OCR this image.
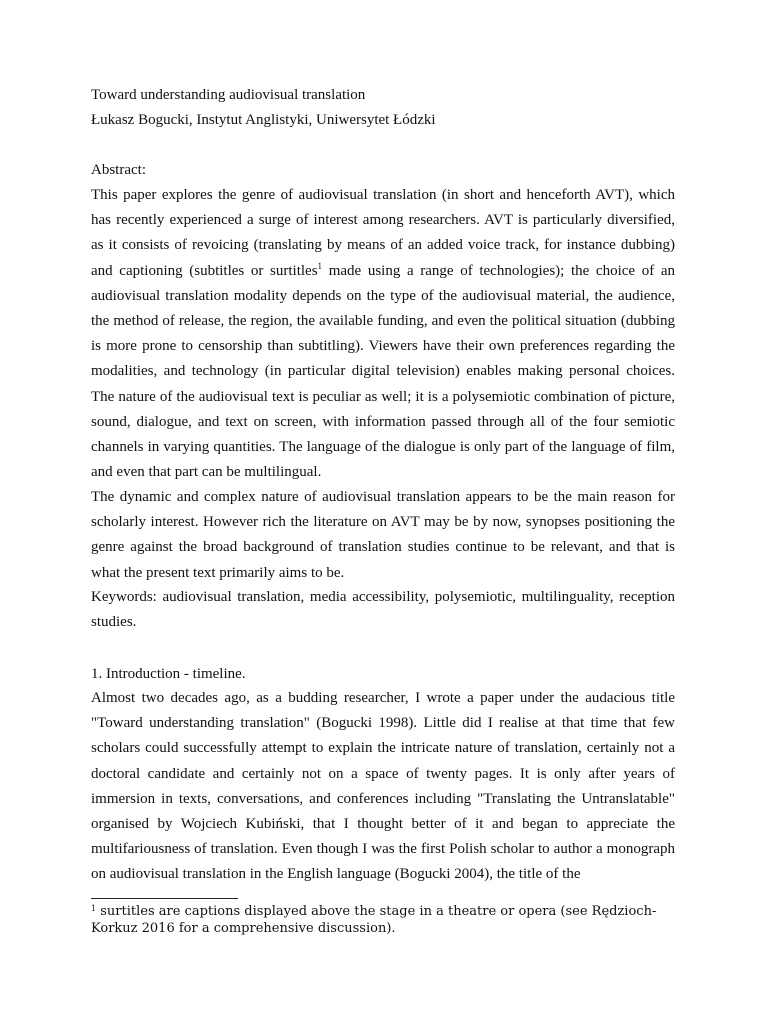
Toward understanding audiovisual translation
Łukasz Bogucki, Instytut Anglistyki, Uniwersytet Łódzki
Abstract:

This paper explores the genre of audiovisual translation (in short and henceforth AVT), which has recently experienced a surge of interest among researchers. AVT is particularly diversified, as it consists of revoicing (translating by means of an added voice track, for instance dubbing) and captioning (subtitles or surtitles$^1$ made using a range of technologies); the choice of an audiovisual translation modality depends on the type of the audiovisual material, the audience, the method of release, the region, the available funding, and even the political situation (dubbing is more prone to censorship than subtitling). Viewers have their own preferences regarding the modalities, and technology (in particular digital television) enables making personal choices. The nature of the audiovisual text is peculiar as well; it is a polysemiotic combination of picture, sound, dialogue, and text on screen, with information passed through all of the four semiotic channels in varying quantities. The language of the dialogue is only part of the language of film, and even that part can be multilingual.

The dynamic and complex nature of audiovisual translation appears to be the main reason for scholarly interest. However rich the literature on AVT may be by now, synopses positioning the genre against the broad background of translation studies continue to be relevant, and that is what the present text primarily aims to be.

Keywords: audiovisual translation, media accessibility, polysemiotic, multilinguality, reception studies.

1. Introduction - timeline.

Almost two decades ago, as a budding researcher, I wrote a paper under the audacious title "Toward understanding translation" (Bogucki 1998). Little did I realise at that time that few scholars could successfully attempt to explain the intricate nature of translation, certainly not a doctoral candidate and certainly not on a space of twenty pages. It is only after years of immersion in texts, conversations, and conferences including "Translating the Untranslatable" organised by Wojciech Kubiński, that I thought better of it and began to appreciate the multifariousness of translation. Even though I was the first Polish scholar to author a monograph on audiovisual translation in the English language (Bogucki 2004), the title of the

$^1$ surtitles are captions displayed above the stage in a theatre or opera (see Rędzioch-Korkuz 2016 for a comprehensive discussion).
